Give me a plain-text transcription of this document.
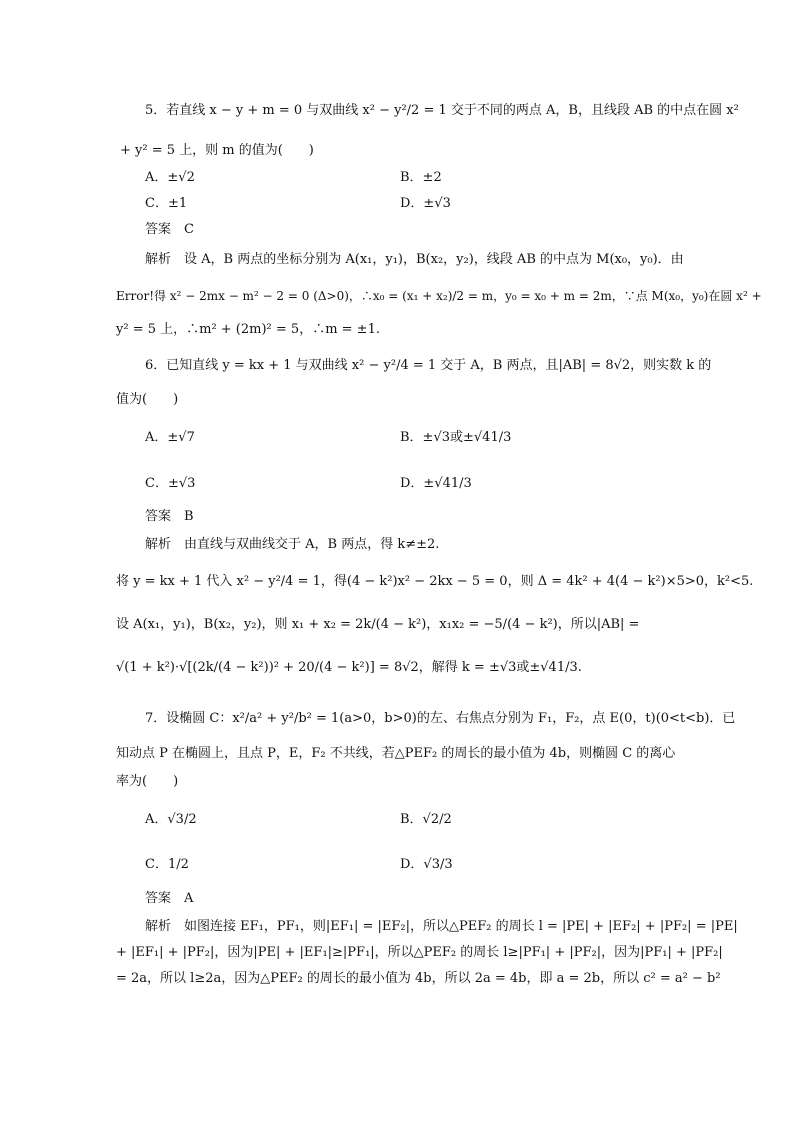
5．若直线 x − y + m = 0 与双曲线 x² − y²/2 = 1 交于不同的两点 A，B，且线段 AB 的中点在圆 x²
+ y² = 5 上，则 m 的值为(　　)
A．±√2	B．±2
C．±1	D．±√3
答案　 C
解析　 设 A，B 两点的坐标分别为 A(x₁，y₁)，B(x₂，y₂)，线段 AB 的中点为 M(x₀，y₀)．由
Error!得 x² − 2mx − m² − 2 = 0 (Δ>0)，∴x₀ = (x₁ + x₂)/2 = m，y₀ = x₀ + m = 2m，∵点 M(x₀，y₀)在圆 x² +
y² = 5 上，∴m² + (2m)² = 5，∴m = ±1.
6．已知直线 y = kx + 1 与双曲线 x² − y²/4 = 1 交于 A，B 两点，且|AB| = 8√2，则实数 k 的
值为(　　)
A．±√7	B．±√3或±√41/3
C．±√3	D．±√41/3
答案　 B
解析　 由直线与双曲线交于 A，B 两点，得 k≠±2.
将 y = kx + 1 代入 x² − y²/4 = 1，得(4 − k²)x² − 2kx − 5 = 0，则 Δ = 4k² + 4(4 − k²)×5>0，k²<5.
设 A(x₁，y₁)，B(x₂，y₂)，则 x₁ + x₂ = 2k/(4 − k²)，x₁x₂ = −5/(4 − k²)，所以|AB| =
√(1 + k²)·√[(2k/(4 − k²))² + 20/(4 − k²)] = 8√2，解得 k = ±√3或±√41/3.
7．设椭圆 C：x²/a² + y²/b² = 1(a>0，b>0)的左、右焦点分别为 F₁，F₂，点 E(0，t)(0<t<b)．已
知动点 P 在椭圆上，且点 P，E，F₂ 不共线，若△PEF₂ 的周长的最小值为 4b，则椭圆 C 的离心
率为(　　)
A．√3/2	B．√2/2
C．1/2	D．√3/3
答案　 A
解析　 如图连接 EF₁，PF₁，则|EF₁| = |EF₂|，所以△PEF₂ 的周长 l = |PE| + |EF₂| + |PF₂| = |PE|
+ |EF₁| + |PF₂|，因为|PE| + |EF₁|≥|PF₁|，所以△PEF₂ 的周长 l≥|PF₁| + |PF₂|，因为|PF₁| + |PF₂|
= 2a，所以 l≥2a，因为△PEF₂ 的周长的最小值为 4b，所以 2a = 4b，即 a = 2b，所以 c² = a² − b²
